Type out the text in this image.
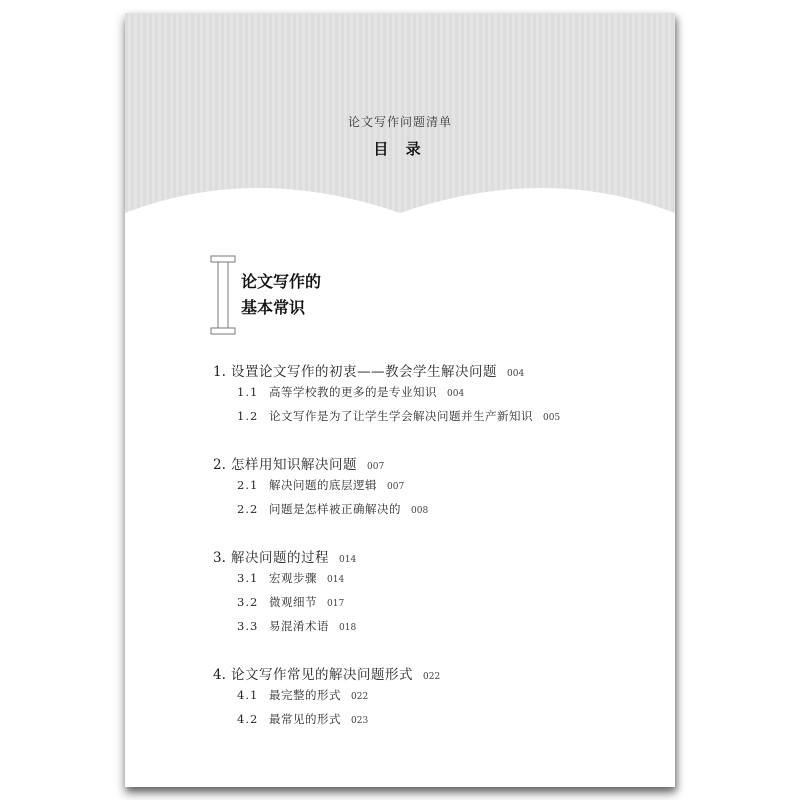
论文写作问题清单
目 录
论文写作的
基本常识
1. 设置论文写作的初衷——教会学生解决问题 004
1.1 高等学校教的更多的是专业知识 004
1.2 论文写作是为了让学生学会解决问题并生产新知识 005
2. 怎样用知识解决问题 007
2.1 解决问题的底层逻辑 007
2.2 问题是怎样被正确解决的 008
3. 解决问题的过程 014
3.1 宏观步骤 014
3.2 微观细节 017
3.3 易混淆术语 018
4. 论文写作常见的解决问题形式 022
4.1 最完整的形式 022
4.2 最常见的形式 023
